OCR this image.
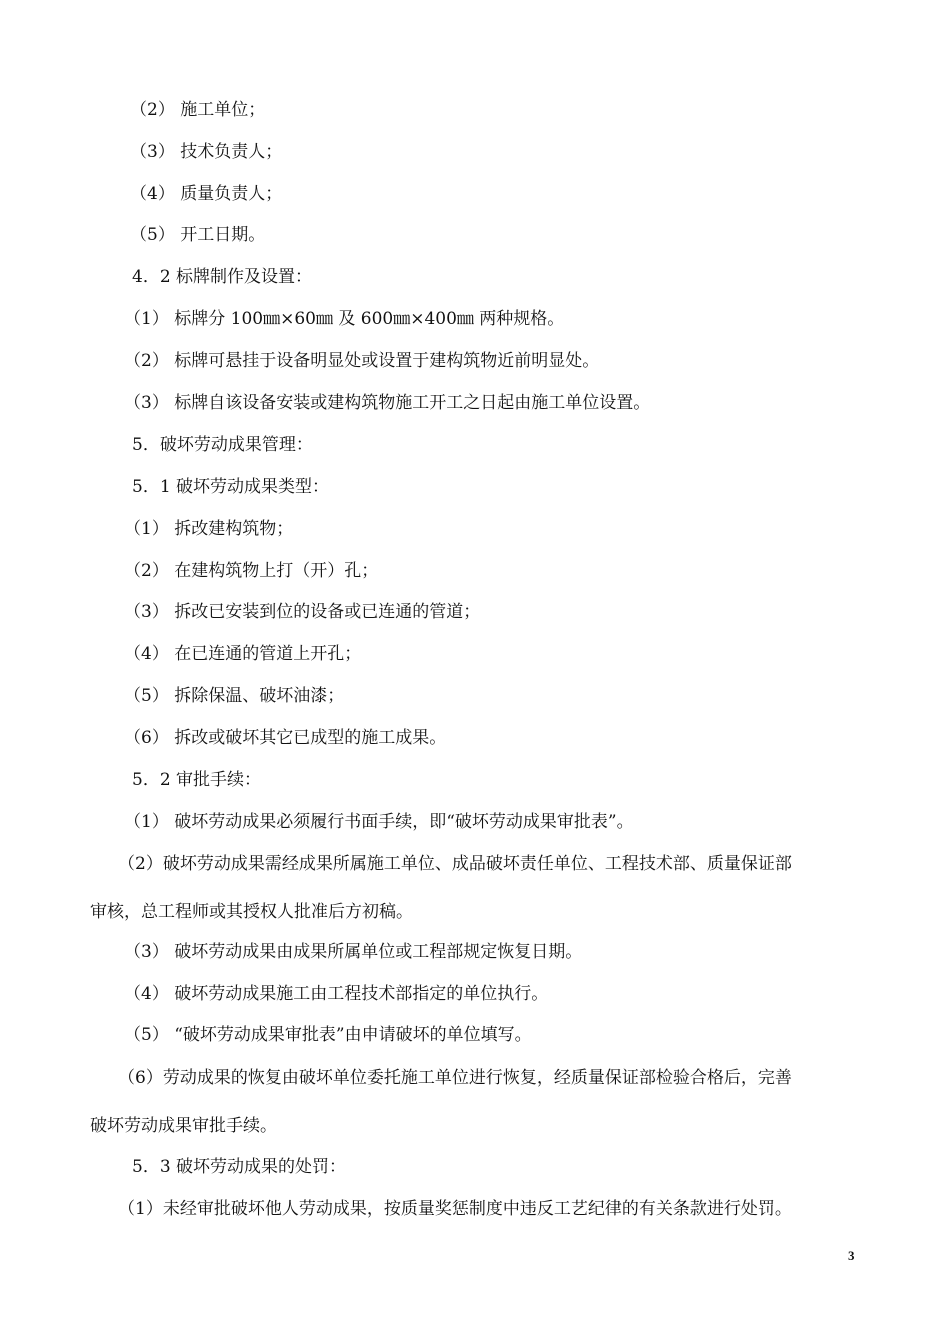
（2） 施工单位；
（3） 技术负责人；
（4） 质量负责人；
（5） 开工日期。
4．2 标牌制作及设置：
（1） 标牌分 100㎜×60㎜ 及 600㎜×400㎜ 两种规格。
（2） 标牌可悬挂于设备明显处或设置于建构筑物近前明显处。
（3） 标牌自该设备安装或建构筑物施工开工之日起由施工单位设置。
5．破坏劳动成果管理：
5．1 破坏劳动成果类型：
（1） 拆改建构筑物；
（2） 在建构筑物上打（开）孔；
（3） 拆改已安装到位的设备或已连通的管道；
（4） 在已连通的管道上开孔；
（5） 拆除保温、破坏油漆；
（6） 拆改或破坏其它已成型的施工成果。
5．2 审批手续：
（1） 破坏劳动成果必须履行书面手续，即“破坏劳动成果审批表”。
（2）破坏劳动成果需经成果所属施工单位、成品破坏责任单位、工程技术部、质量保证部
审核，总工程师或其授权人批准后方初稿。
（3） 破坏劳动成果由成果所属单位或工程部规定恢复日期。
（4） 破坏劳动成果施工由工程技术部指定的单位执行。
（5） “破坏劳动成果审批表”由申请破坏的单位填写。
（6）劳动成果的恢复由破坏单位委托施工单位进行恢复，经质量保证部检验合格后，完善
破坏劳动成果审批手续。
5．3 破坏劳动成果的处罚：
（1）未经审批破坏他人劳动成果，按质量奖惩制度中违反工艺纪律的有关条款进行处罚。
3
